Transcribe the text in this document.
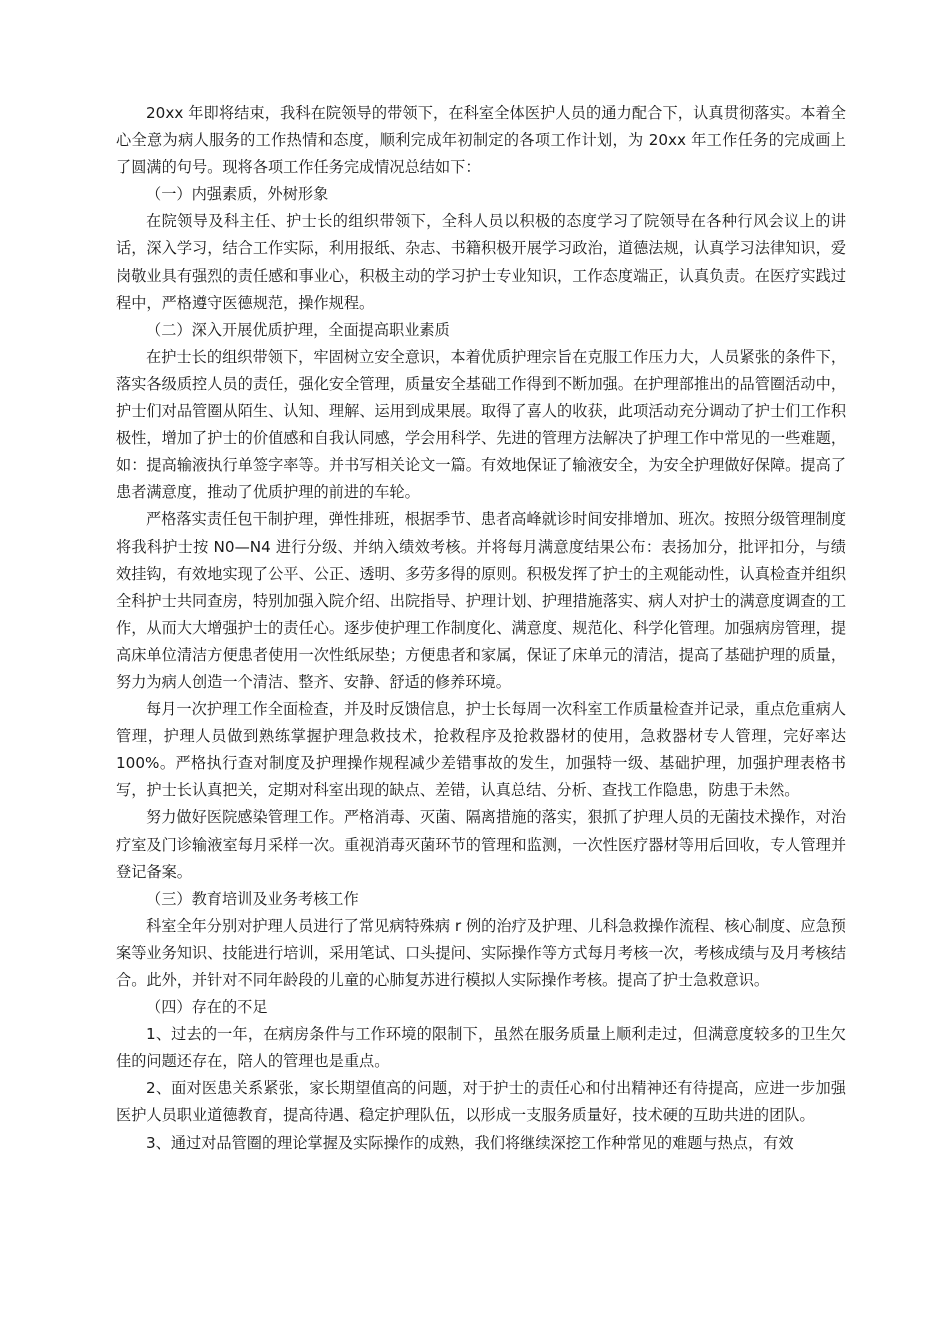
20xx 年即将结束，我科在院领导的带领下，在科室全体医护人员的通力配合下，认真贯彻落实。本着全心全意为病人服务的工作热情和态度，顺利完成年初制定的各项工作计划，为 20xx 年工作任务的完成画上了圆满的句号。现将各项工作任务完成情况总结如下：

（一）内强素质，外树形象

在院领导及科主任、护士长的组织带领下，全科人员以积极的态度学习了院领导在各种行风会议上的讲话，深入学习，结合工作实际，利用报纸、杂志、书籍积极开展学习政治，道德法规，认真学习法律知识，爱岗敬业具有强烈的责任感和事业心，积极主动的学习护士专业知识，工作态度端正，认真负责。在医疗实践过程中，严格遵守医德规范，操作规程。

（二）深入开展优质护理，全面提高职业素质

在护士长的组织带领下，牢固树立安全意识，本着优质护理宗旨在克服工作压力大，人员紧张的条件下，落实各级质控人员的责任，强化安全管理，质量安全基础工作得到不断加强。在护理部推出的品管圈活动中，护士们对品管圈从陌生、认知、理解、运用到成果展。取得了喜人的收获，此项活动充分调动了护士们工作积极性，增加了护士的价值感和自我认同感，学会用科学、先进的管理方法解决了护理工作中常见的一些难题，如：提高输液执行单签字率等。并书写相关论文一篇。有效地保证了输液安全，为安全护理做好保障。提高了患者满意度，推动了优质护理的前进的车轮。

严格落实责任包干制护理，弹性排班，根据季节、患者高峰就诊时间安排增加、班次。按照分级管理制度将我科护士按 N0—N4 进行分级、并纳入绩效考核。并将每月满意度结果公布：表扬加分，批评扣分，与绩效挂钩，有效地实现了公平、公正、透明、多劳多得的原则。积极发挥了护士的主观能动性，认真检查并组织全科护士共同查房，特别加强入院介绍、出院指导、护理计划、护理措施落实、病人对护士的满意度调查的工作，从而大大增强护士的责任心。逐步使护理工作制度化、满意度、规范化、科学化管理。加强病房管理，提高床单位清洁方便患者使用一次性纸尿垫；方便患者和家属，保证了床单元的清洁，提高了基础护理的质量，努力为病人创造一个清洁、整齐、安静、舒适的修养环境。

每月一次护理工作全面检查，并及时反馈信息，护士长每周一次科室工作质量检查并记录，重点危重病人管理，护理人员做到熟练掌握护理急救技术，抢救程序及抢救器材的使用，急救器材专人管理，完好率达 100%。严格执行查对制度及护理操作规程减少差错事故的发生，加强特一级、基础护理，加强护理表格书写，护士长认真把关，定期对科室出现的缺点、差错，认真总结、分析、查找工作隐患，防患于未然。

努力做好医院感染管理工作。严格消毒、灭菌、隔离措施的落实，狠抓了护理人员的无菌技术操作，对治疗室及门诊输液室每月采样一次。重视消毒灭菌环节的管理和监测，一次性医疗器材等用后回收，专人管理并登记备案。

（三）教育培训及业务考核工作

科室全年分别对护理人员进行了常见病特殊病 r 例的治疗及护理、儿科急救操作流程、核心制度、应急预案等业务知识、技能进行培训，采用笔试、口头提问、实际操作等方式每月考核一次，考核成绩与及月考核结合。此外，并针对不同年龄段的儿童的心肺复苏进行模拟人实际操作考核。提高了护士急救意识。

（四）存在的不足

1、过去的一年，在病房条件与工作环境的限制下，虽然在服务质量上顺利走过，但满意度较多的卫生欠佳的问题还存在，陪人的管理也是重点。

2、面对医患关系紧张，家长期望值高的问题，对于护士的责任心和付出精神还有待提高，应进一步加强医护人员职业道德教育，提高待遇、稳定护理队伍，以形成一支服务质量好，技术硬的互助共进的团队。

3、通过对品管圈的理论掌握及实际操作的成熟，我们将继续深挖工作种常见的难题与热点，有效
